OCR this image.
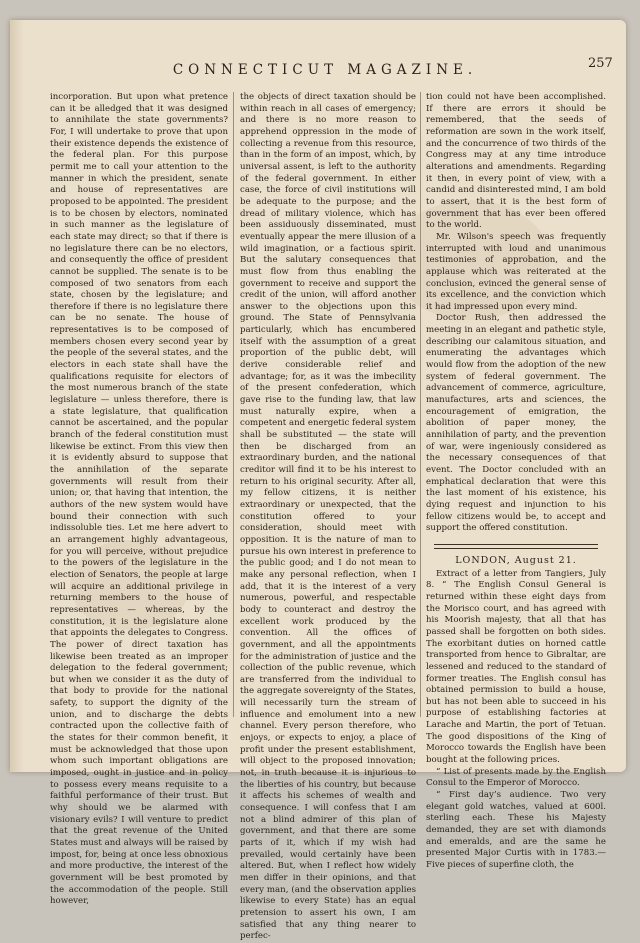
CONNECTICUT MAGAZINE.	257

incorporation. But upon what pretence can it be alledged that it was designed to annihilate the state governments? For, I will undertake to prove that upon their existence depends the existence of the federal plan. For this purpose permit me to call your attention to the manner in which the president, senate and house of representatives are proposed to be appointed. The president is to be chosen by electors, nominated in such manner as the legislature of each state may direct; so that if there is no legislature there can be no electors, and consequently the office of president cannot be supplied. The senate is to be composed of two senators from each state, chosen by the legislature; and therefore if there is no legislature there can be no senate. The house of representatives is to be composed of members chosen every second year by the people of the several states, and the electors in each state shall have the qualifications requisite for electors of the most numerous branch of the state legislature — unless therefore, there is a state legislature, that qualification cannot be ascertained, and the popular branch of the federal constitution must likewise be extinct. From this view then it is evidently absurd to suppose that the annihilation of the separate governments will result from their union; or, that having that intention, the authors of the new system would have bound their connection with such indissoluble ties. Let me here advert to an arrangement highly advantageous, for you will perceive, without prejudice to the powers of the legislature in the election of Senators, the people at large will acquire an additional privilege in returning members to the house of representatives — whereas, by the constitution, it is the legislature alone that appoints the delegates to Congress. The power of direct taxation has likewise been treated as an improper delegation to the federal government; but when we consider it as the duty of that body to provide for the national safety, to support the dignity of the union, and to discharge the debts contracted upon the collective faith of the states for their common benefit, it must be acknowledged that those upon whom such important obligations are imposed, ought in justice and in policy to possess every means requisite to a faithful performance of their trust. But why should we be alarmed with visionary evils? I will venture to predict that the great revenue of the United States must and always will be raised by impost, for, being at once less obnoxious and more productive, the interest of the government will be best promoted by the accommodation of the people. Still however,

the objects of direct taxation should be within reach in all cases of emergency; and there is no more reason to apprehend oppression in the mode of collecting a revenue from this resource, than in the form of an impost, which, by universal assent, is left to the authority of the federal government. In either case, the force of civil institutions will be adequate to the purpose; and the dread of military violence, which has been assiduously disseminated, must eventually appear the mere illusion of a wild imagination, or a factious spirit. But the salutary consequences that must flow from thus enabling the government to receive and support the credit of the union, will afford another answer to the objections upon this ground. The State of Pennsylvania particularly, which has encumbered itself with the assumption of a great proportion of the public debt, will derive considerable relief and advantage; for, as it was the imbecility of the present confederation, which gave rise to the funding law, that law must naturally expire, when a competent and energetic federal system shall be substituted — the state will then be discharged from an extraordinary burden, and the national creditor will find it to be his interest to return to his original security. After all, my fellow citizens, it is neither extraordinary or unexpected, that the constitution offered to your consideration, should meet with opposition. It is the nature of man to pursue his own interest in preference to the public good; and I do not mean to make any personal reflection, when I add, that it is the interest of a very numerous, powerful, and respectable body to counteract and destroy the excellent work produced by the convention. All the offices of government, and all the appointments for the administration of justice and the collection of the public revenue, which are transferred from the individual to the aggregate sovereignty of the States, will necessarily turn the stream of influence and emolument into a new channel. Every person therefore, who enjoys, or expects to enjoy, a place of profit under the present establishment, will object to the proposed innovation; not, in truth because it is injurious to the liberties of his country, but because it affects his schemes of wealth and consequence. I will confess that I am not a blind admirer of this plan of government, and that there are some parts of it, which if my wish had prevailed, would certainly have been altered. But, when I reflect how widely men differ in their opinions, and that every man, (and the observation applies likewise to every State) has an equal pretension to assert his own, I am satisfied that any thing nearer to perfec-

tion could not have been accomplished. If there are errors it should be remembered, that the seeds of reformation are sown in the work itself, and the concurrence of two thirds of the Congress may at any time introduce alterations and amendments. Regarding it then, in every point of view, with a candid and disinterested mind, I am bold to assert, that it is the best form of government that has ever been offered to the world.

Mr. Wilson's speech was frequently interrupted with loud and unanimous testimonies of approbation, and the applause which was reiterated at the conclusion, evinced the general sense of its excellence, and the conviction which it had impressed upon every mind.

Doctor Rush, then addressed the meeting in an elegant and pathetic style, describing our calamitous situation, and enumerating the advantages which would flow from the adoption of the new system of federal government. The advancement of commerce, agriculture, manufactures, arts and sciences, the encouragement of emigration, the abolition of paper money, the annihilation of party, and the prevention of war, were ingeniously considered as the necessary consequences of that event. The Doctor concluded with an emphatical declaration that were this the last moment of his existence, his dying request and injunction to his fellow citizens would be, to accept and support the offered constitution.

LONDON, August 21.

Extract of a letter from Tangiers, July 8. “ The English Consul General is returned within these eight days from the Morisco court, and has agreed with his Moorish majesty, that all that has passed shall be forgotten on both sides. The exorbitant duties on horned cattle transported from hence to Gibraltar, are lessened and reduced to the standard of former treaties. The English consul has obtained permission to build a house, but has not been able to succeed in his purpose of establishing factories at Larache and Martin, the port of Tetuan. The good dispositions of the King of Morocco towards the English have been bought at the following prices.

“ List of presents made by the English Consul to the Emperor of Morocco.

“ First day’s audience. Two very elegant gold watches, valued at 600l. sterling each. These his Majesty demanded, they are set with diamonds and emeralds, and are the same he presented Major Curtis with in 1783.—Five pieces of superfine cloth, the
